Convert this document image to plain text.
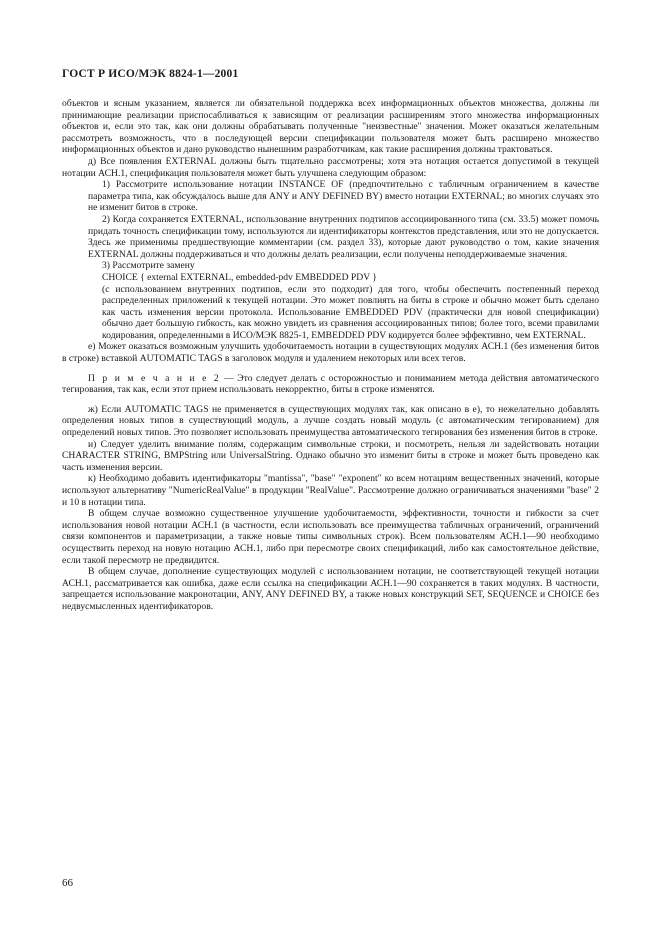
ГОСТ Р ИСО/МЭК 8824-1—2001

объектов и ясным указанием, является ли обязательной поддержка всех информационных объектов множества, должны ли принимающие реализации приспосабливаться к зависящим от реализации расширениям этого множества информационных объектов и, если это так, как они должны обрабатывать полученные "неизвестные" значения. Может оказаться желательным рассмотреть возможность, что в последующей версии спецификации пользователя может быть расширено множество информационных объектов и дано руководство нынешним разработчикам, как такие расширения должны трактоваться.

д) Все появления EXTERNAL должны быть тщательно рассмотрены; хотя эта нотация остается допустимой в текущей нотации АСН.1, спецификация пользователя может быть улучшена следующим образом:

1) Рассмотрите использование нотации INSTANCE OF (предпочтительно с табличным ограничением в качестве параметра типа, как обсуждалось выше для ANY и ANY DEFINED BY) вместо нотации EXTERNAL; во многих случаях это не изменит битов в строке.

2) Когда сохраняется EXTERNAL, использование внутренних подтипов ассоциированного типа (см. 33.5) может помочь придать точность спецификации тому, используются ли идентификаторы контекстов представления, или это не допускается. Здесь же применимы предшествующие комментарии (см. раздел 33), которые дают руководство о том, какие значения EXTERNAL должны поддерживаться и что должны делать реализации, если получены неподдерживаемые значения.

3) Рассмотрите замену

CHOICE { external EXTERNAL, embedded-pdv EMBEDDED PDV }

(с использованием внутренних подтипов, если это подходит) для того, чтобы обеспечить постепенный переход распределенных приложений к текущей нотации. Это может повлиять на биты в строке и обычно может быть сделано как часть изменения версии протокола. Использование EMBEDDED PDV (практически для новой спецификации) обычно дает большую гибкость, как можно увидеть из сравнения ассоциированных типов; более того, всеми правилами кодирования, определенными в ИСО/МЭК 8825-1, EMBEDDED PDV кодируется более эффективно, чем EXTERNAL.

е) Может оказаться возможным улучшить удобочитаемость нотации в существующих модулях АСН.1 (без изменения битов в строке) вставкой AUTOMATIC TAGS в заголовок модуля и удалением некоторых или всех тегов.

П р и м е ч а н и е 2 — Это следует делать с осторожностью и пониманием метода действия автоматического тегирования, так как, если этот прием использовать некорректно, биты в строке изменятся.

ж) Если AUTOMATIC TAGS не применяется в существующих модулях так, как описано в е), то нежелательно добавлять определения новых типов в существующий модуль, а лучше создать новый модуль (с автоматическим тегированием) для определений новых типов. Это позволяет использовать преимущества автоматического тегирования без изменения битов в строке.

и) Следует уделить внимание полям, содержащим символьные строки, и посмотреть, нельзя ли задействовать нотации CHARACTER STRING, BMPString или UniversalString. Однако обычно это изменит биты в строке и может быть проведено как часть изменения версии.

к) Необходимо добавить идентификаторы "mantissa", "base" "exponent" ко всем нотациям вещественных значений, которые используют альтернативу "NumericRealValue" в продукции "RealValue". Рассмотрение должно ограничиваться значениями "base" 2 и 10 в нотации типа.

В общем случае возможно существенное улучшение удобочитаемости, эффективности, точности и гибкости за счет использования новой нотации АСН.1 (в частности, если использовать все преимущества табличных ограничений, ограничений связи компонентов и параметризации, а также новые типы символьных строк). Всем пользователям АСН.1—90 необходимо осуществить переход на новую нотацию АСН.1, либо при пересмотре своих спецификаций, либо как самостоятельное действие, если такой пересмотр не предвидится.

В общем случае, дополнение существующих модулей с использованием нотации, не соответствующей текущей нотации АСН.1, рассматривается как ошибка, даже если ссылка на спецификации АСН.1—90 сохраняется в таких модулях. В частности, запрещается использование макронотации, ANY, ANY DEFINED BY, а также новых конструкций SET, SEQUENCE и CHOICE без недвусмысленных идентификаторов.

66
